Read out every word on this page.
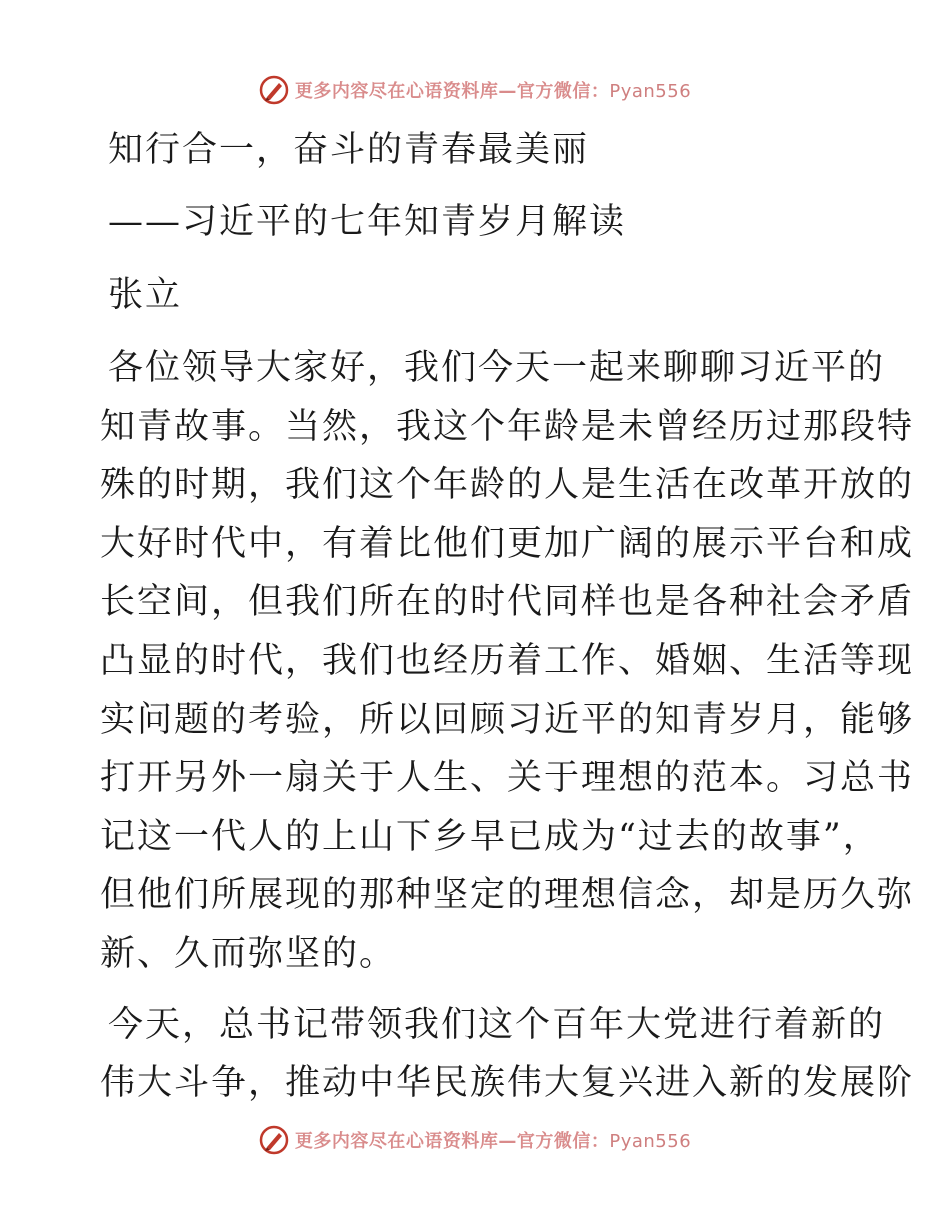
更多内容尽在心语资料库—官方微信：Pyan556
知行合一，奋斗的青春最美丽
——习近平的七年知青岁月解读
张立
各位领导大家好，我们今天一起来聊聊习近平的
知青故事。当然，我这个年龄是未曾经历过那段特
殊的时期，我们这个年龄的人是生活在改革开放的
大好时代中，有着比他们更加广阔的展示平台和成
长空间，但我们所在的时代同样也是各种社会矛盾
凸显的时代，我们也经历着工作、婚姻、生活等现
实问题的考验，所以回顾习近平的知青岁月，能够
打开另外一扇关于人生、关于理想的范本。习总书
记这一代人的上山下乡早已成为“过去的故事”，
但他们所展现的那种坚定的理想信念，却是历久弥
新、久而弥坚的。
今天，总书记带领我们这个百年大党进行着新的
伟大斗争，推动中华民族伟大复兴进入新的发展阶
更多内容尽在心语资料库—官方微信：Pyan556
